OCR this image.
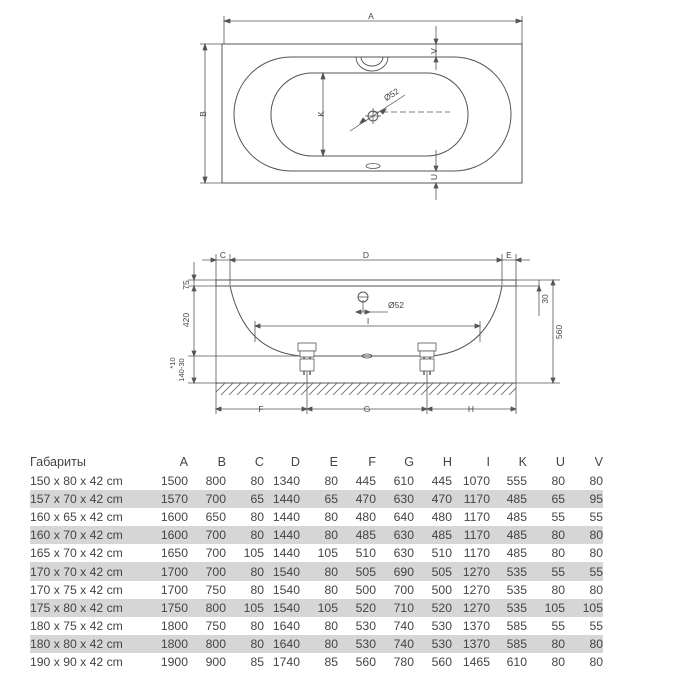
A
B	K
Ø52
V
U
C	D	E
Ø52
I
F	G	H
75
420
*10 140-30
30
560
Габариты	A	B	C	D	E	F	G	H	I	K	U	V
150 x 80 x 42 cm	1500	800	80	1340	80	445	610	445	1070	555	80	80
157 x 70 x 42 cm	1570	700	65	1440	65	470	630	470	1170	485	65	95
160 x 65 x 42 cm	1600	650	80	1440	80	480	640	480	1170	485	55	55
160 x 70 x 42 cm	1600	700	80	1440	80	485	630	485	1170	485	80	80
165 x 70 x 42 cm	1650	700	105	1440	105	510	630	510	1170	485	80	80
170 x 70 x 42 cm	1700	700	80	1540	80	505	690	505	1270	535	55	55
170 x 75 x 42 cm	1700	750	80	1540	80	500	700	500	1270	535	80	80
175 x 80 x 42 cm	1750	800	105	1540	105	520	710	520	1270	535	105	105
180 x 75 x 42 cm	1800	750	80	1640	80	530	740	530	1370	585	55	55
180 x 80 x 42 cm	1800	800	80	1640	80	530	740	530	1370	585	80	80
190 x 90 x 42 cm	1900	900	85	1740	85	560	780	560	1465	610	80	80
